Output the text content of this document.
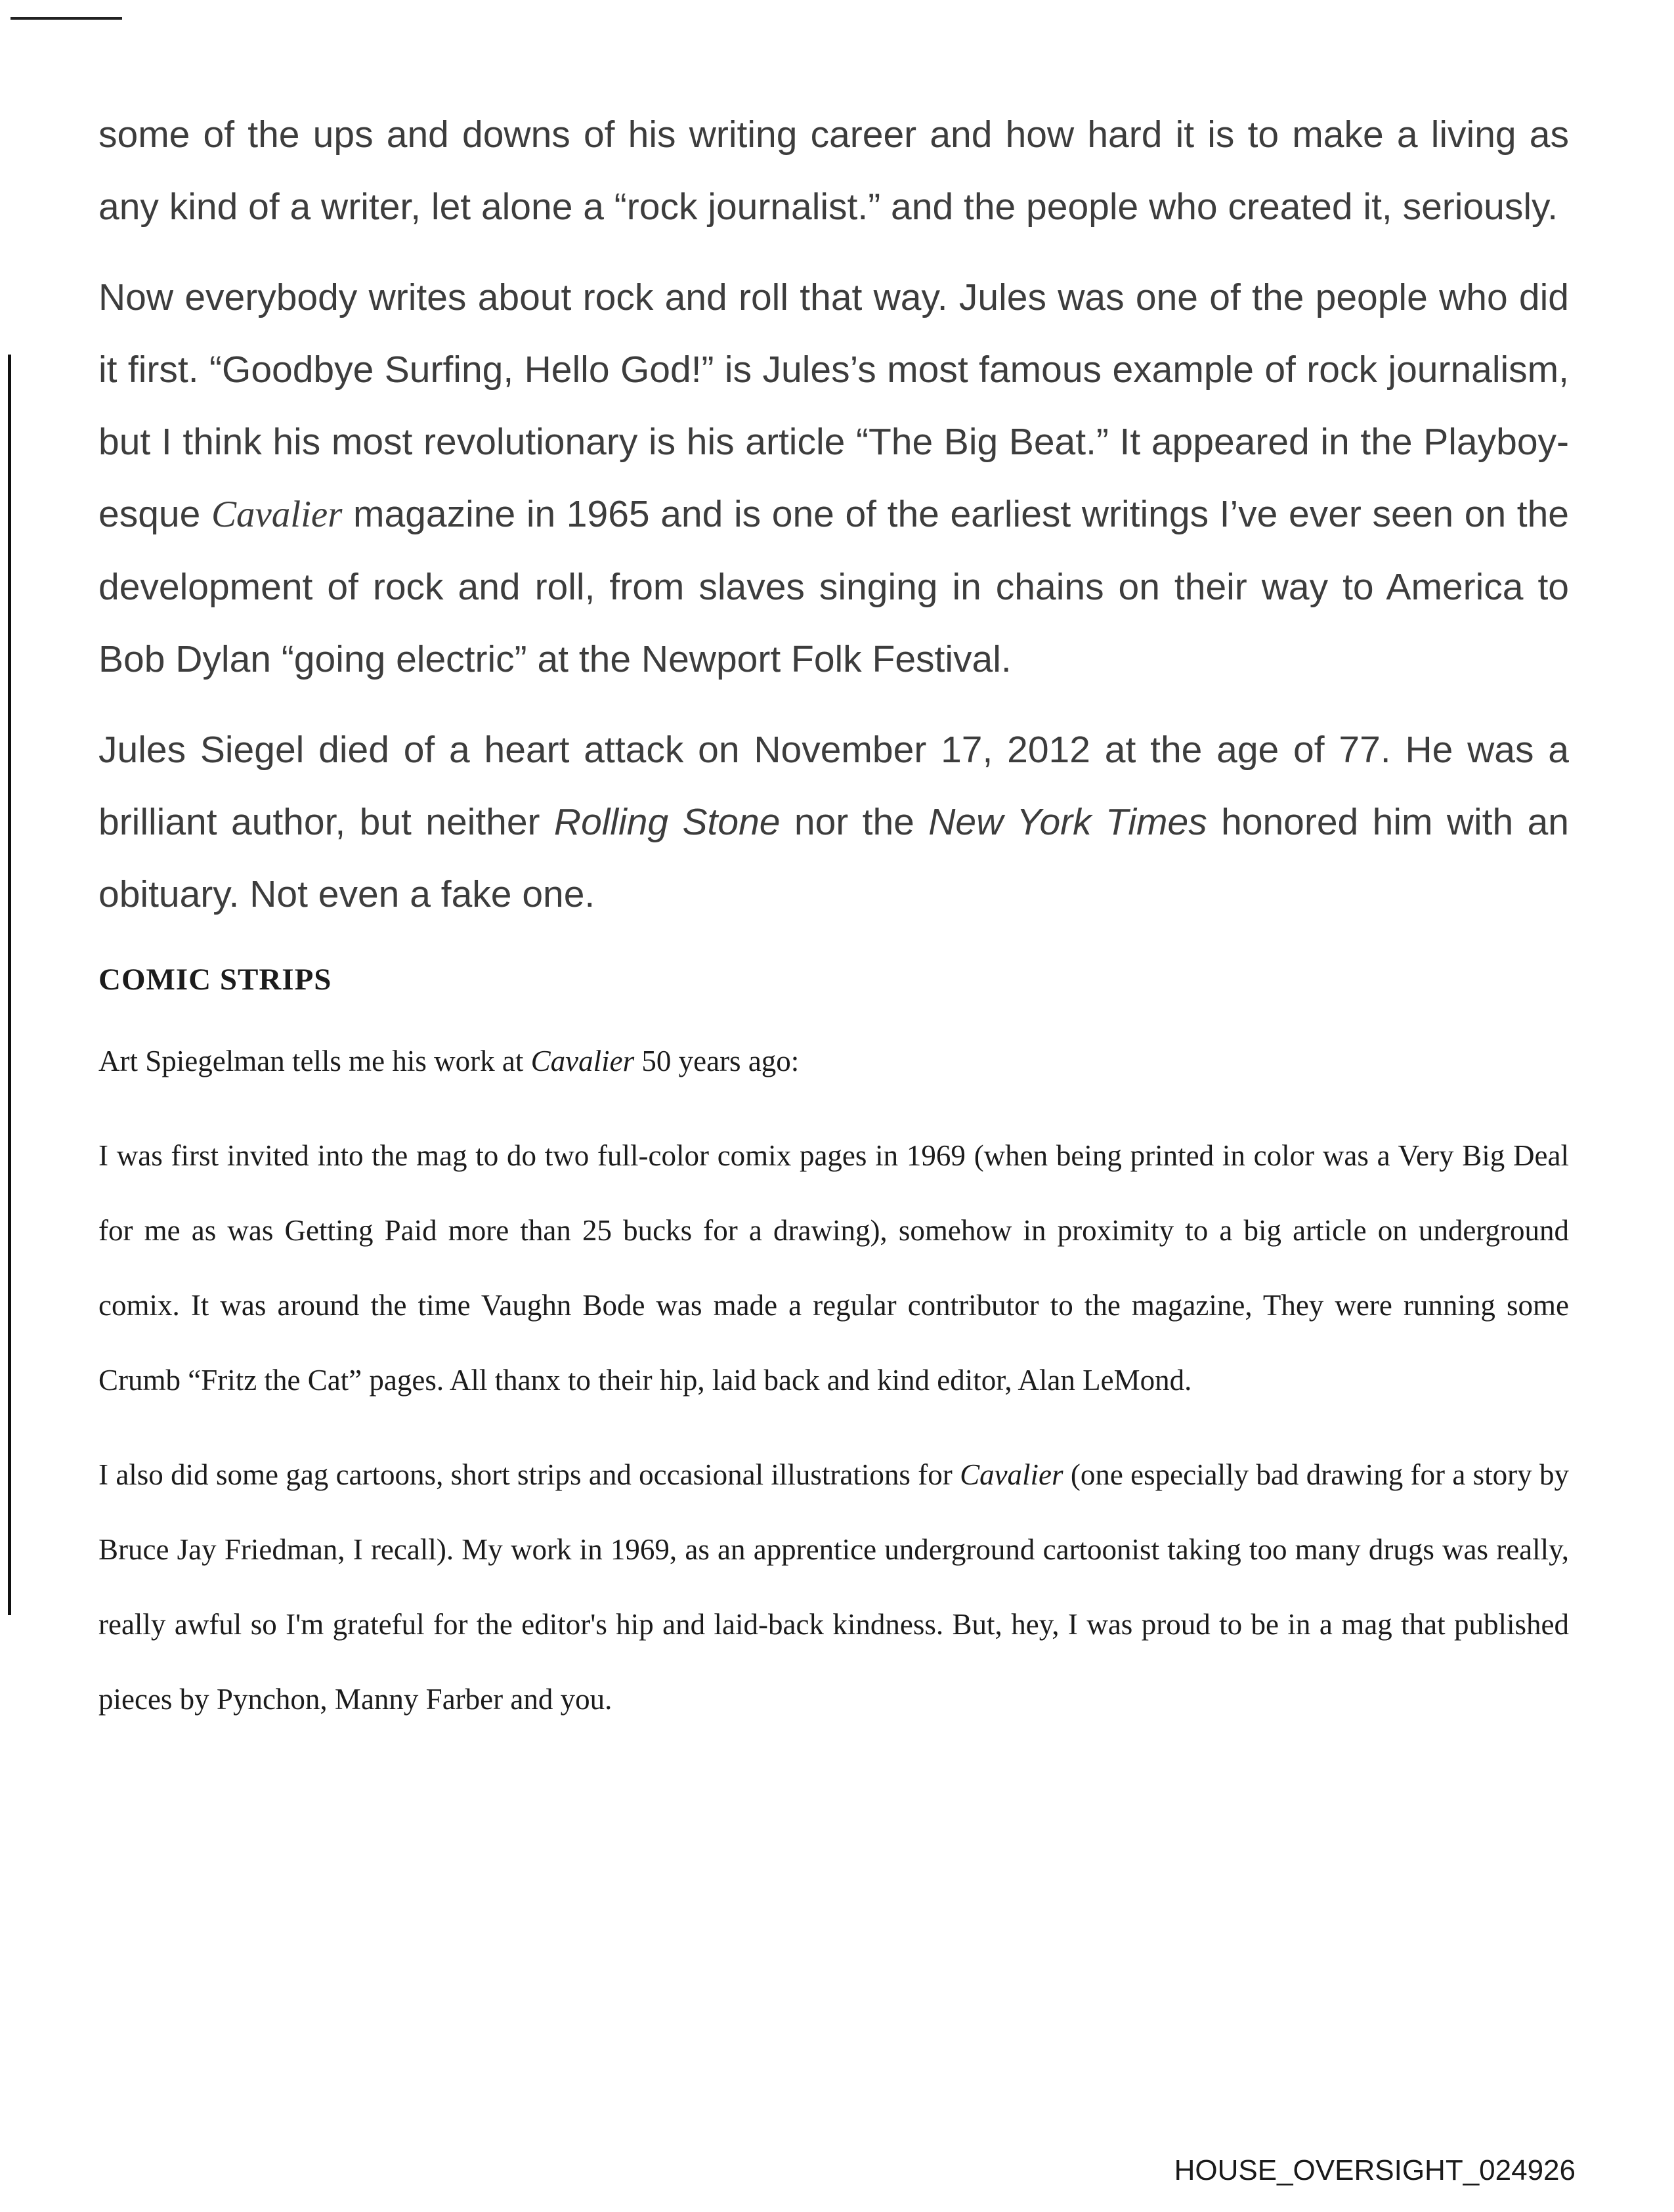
some of the ups and downs of his writing career and how hard it is to make a living as any kind of a writer, let alone a “rock journalist.” and the people who created it, seriously.

Now everybody writes about rock and roll that way. Jules was one of the people who did it first. “Goodbye Surfing, Hello God!” is Jules’s most famous example of rock journalism, but I think his most revolutionary is his article “The Big Beat.” It appeared in the Playboy-esque Cavalier magazine in 1965 and is one of the earliest writings I’ve ever seen on the development of rock and roll, from slaves singing in chains on their way to America to Bob Dylan “going electric” at the Newport Folk Festival.

Jules Siegel died of a heart attack on November 17, 2012 at the age of 77. He was a brilliant author, but neither Rolling Stone nor the New York Times honored him with an obituary. Not even a fake one.

COMIC STRIPS

Art Spiegelman tells me his work at Cavalier 50 years ago:

I was first invited into the mag to do two full-color comix pages in 1969 (when being printed in color was a Very Big Deal for me as was Getting Paid more than 25 bucks for a drawing), somehow in proximity to a big article on underground comix. It was around the time Vaughn Bode was made a regular contributor to the magazine, They were running some Crumb “Fritz the Cat” pages. All thanx to their hip, laid back and kind editor, Alan LeMond.

I also did some gag cartoons, short strips and occasional illustrations for Cavalier (one especially bad drawing for a story by Bruce Jay Friedman, I recall). My work in 1969, as an apprentice underground cartoonist taking too many drugs was really, really awful so I'm grateful for the editor's hip and laid-back kindness. But, hey, I was proud to be in a mag that published pieces by Pynchon, Manny Farber and you.

HOUSE_OVERSIGHT_024926
